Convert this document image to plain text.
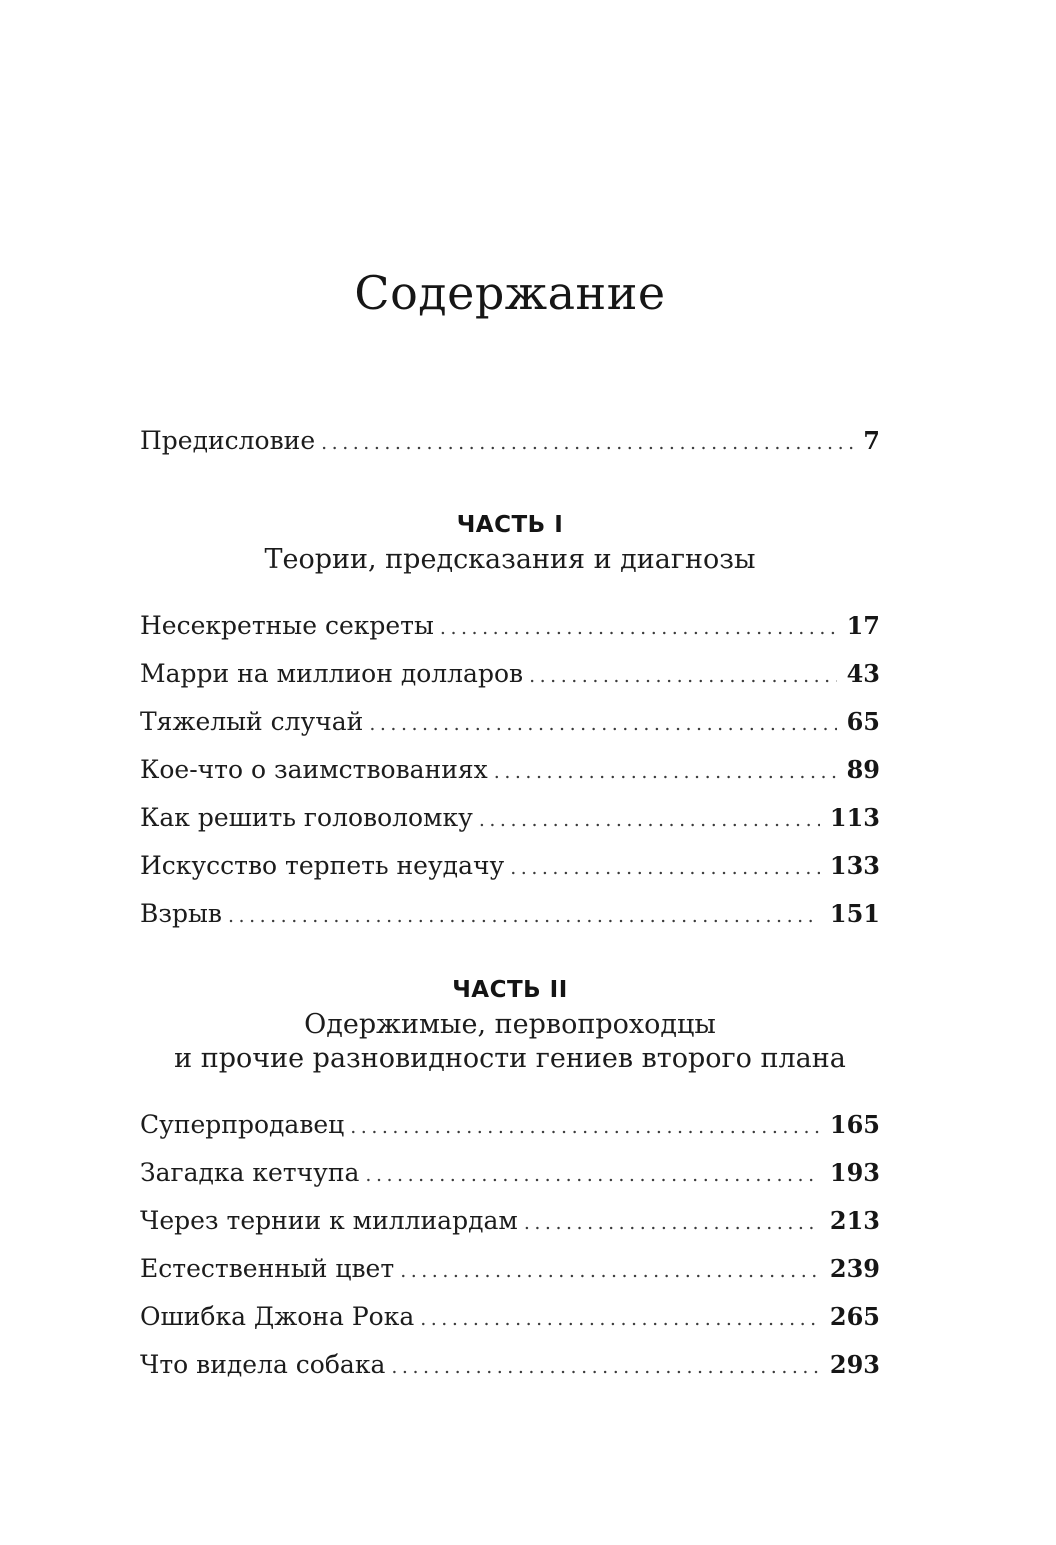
Содержание
Предисловие .....	7
ЧАСТЬ I
Теории, предсказания и диагнозы
Несекретные секреты .....	17
Марри на миллион долларов .....	43
Тяжелый случай .....	65
Кое-что о заимствованиях .....	89
Как решить головоломку .....	113
Искусство терпеть неудачу .....	133
Взрыв .....	151
ЧАСТЬ II
Одержимые, первопроходцы
и прочие разновидности гениев второго плана
Суперпродавец .....	165
Загадка кетчупа .....	193
Через тернии к миллиардам .....	213
Естественный цвет .....	239
Ошибка Джона Рока .....	265
Что видела собака .....	293
